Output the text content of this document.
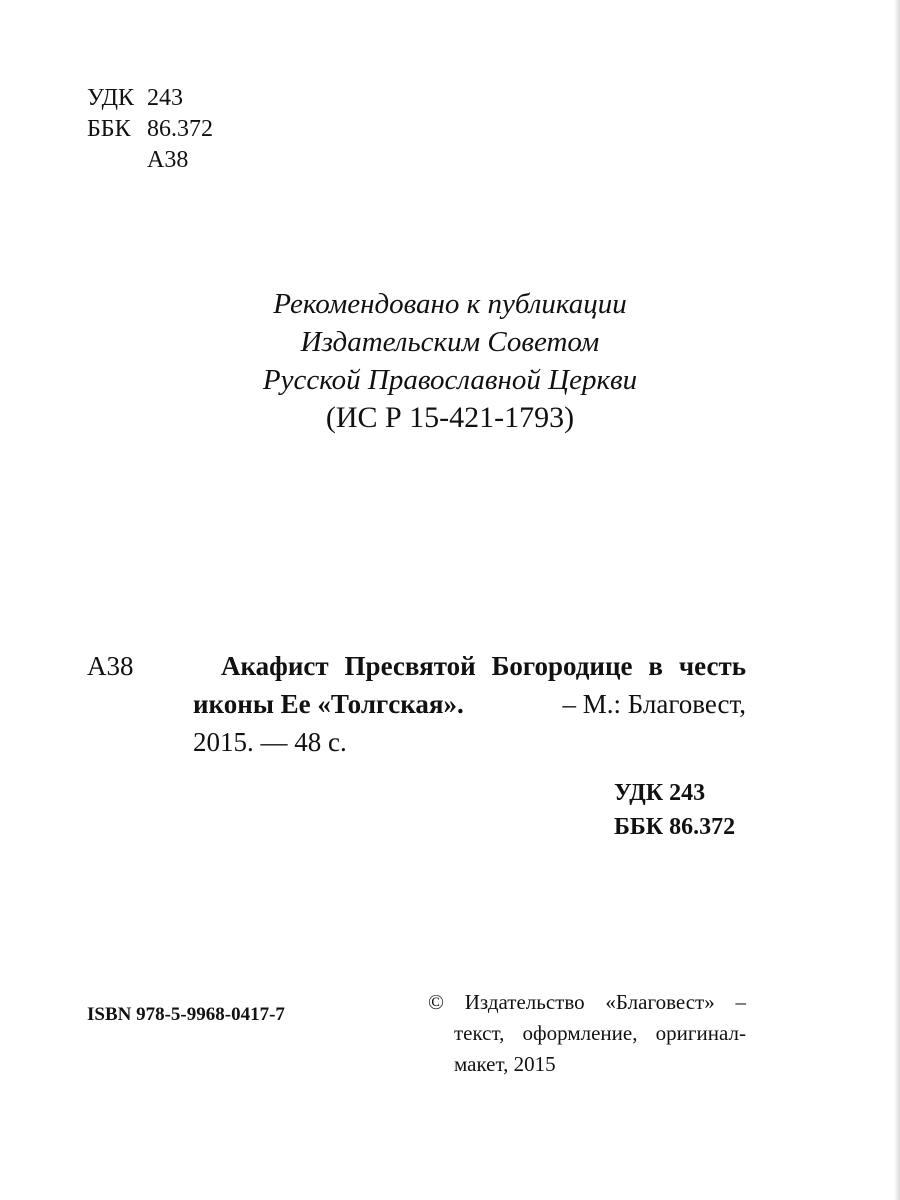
УДК 243
ББК 86.372
А38
Рекомендовано к публикации
Издательским Советом
Русской Православной Церкви
(ИС Р 15-421-1793)
А38	Акафист Пресвятой Богородице в честь
иконы Ее «Толгская».	– М.: Благовест,
2015. — 48 с.
УДК 243
ББК 86.372
ISBN 978-5-9968-0417-7
© Издательство «Благовест» –
текст, оформление, оригинал-
макет, 2015
